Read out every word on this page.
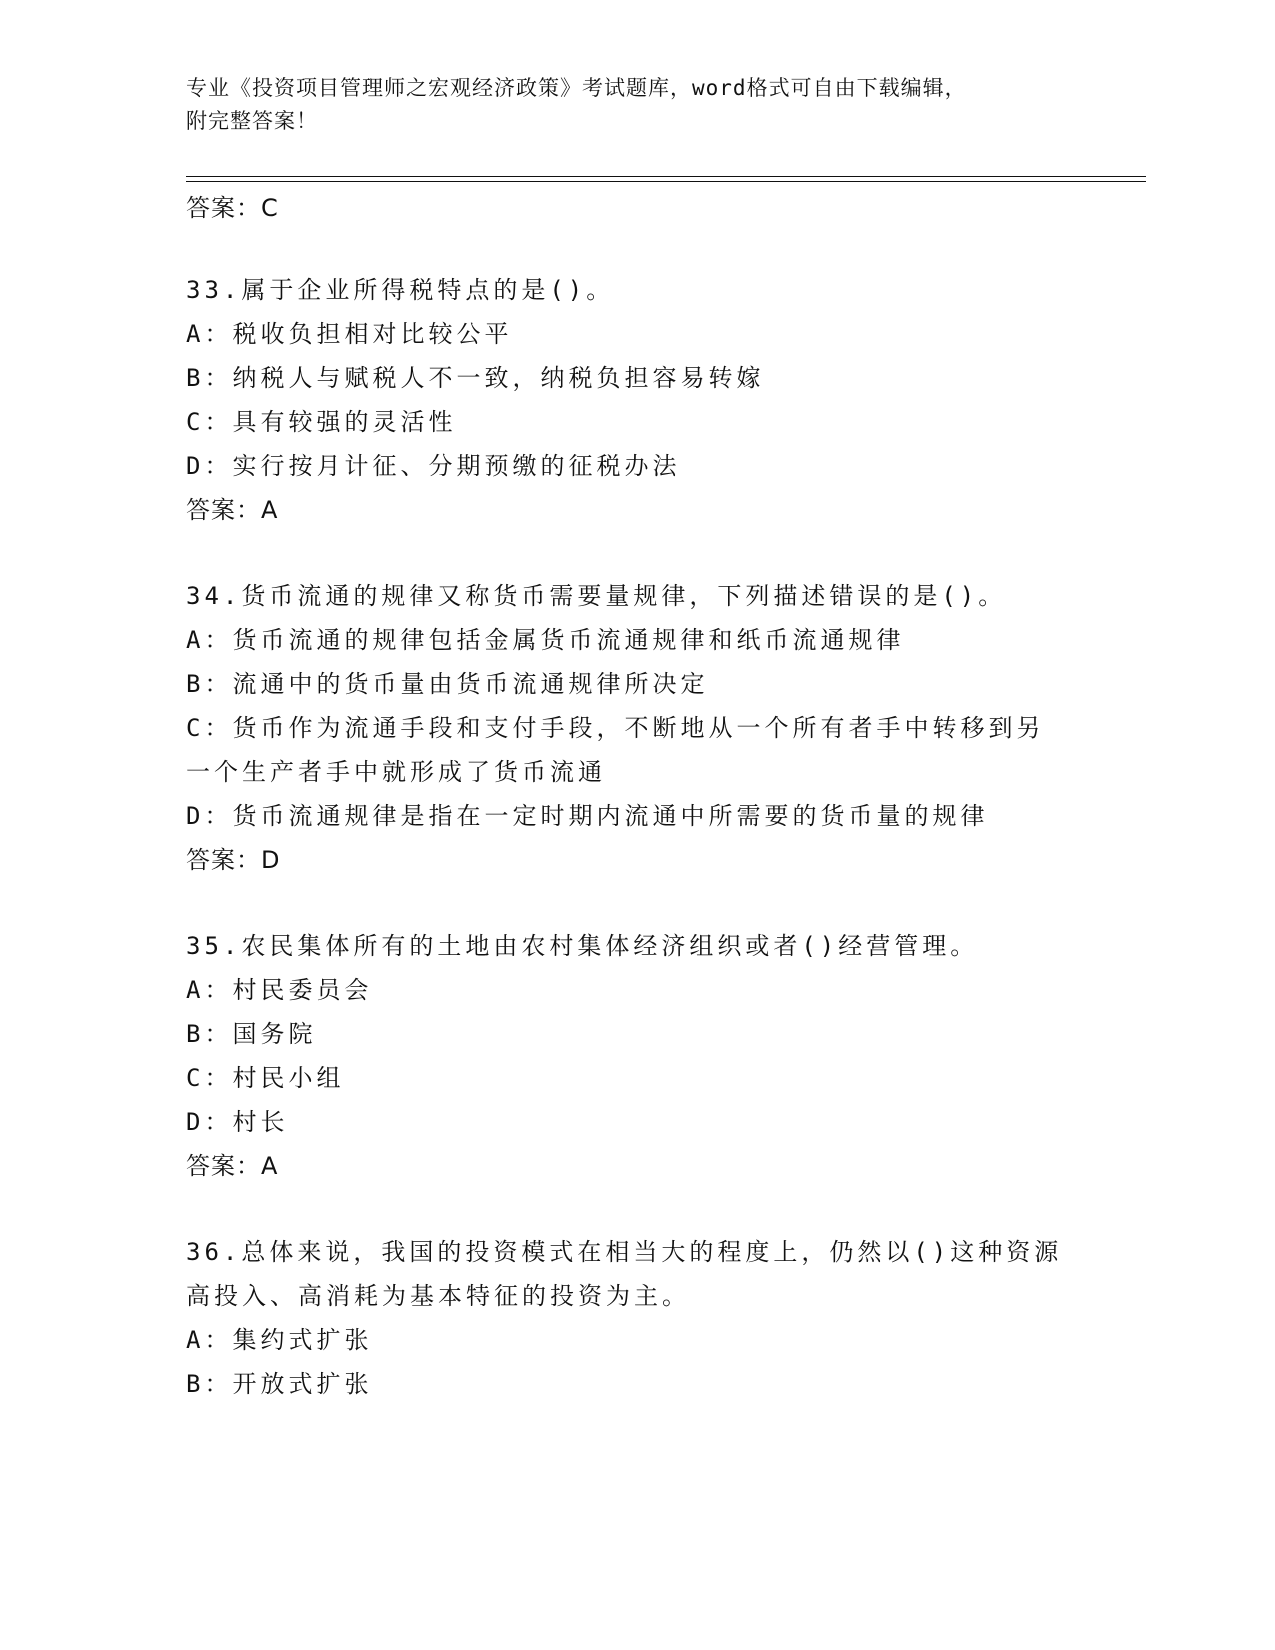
专业《投资项目管理师之宏观经济政策》考试题库，word格式可自由下载编辑，

附完整答案！

答案：C
33.属于企业所得税特点的是()。
A：税收负担相对比较公平
B：纳税人与赋税人不一致，纳税负担容易转嫁
C：具有较强的灵活性
D：实行按月计征、分期预缴的征税办法
答案：A
34.货币流通的规律又称货币需要量规律，下列描述错误的是()。
A：货币流通的规律包括金属货币流通规律和纸币流通规律
B：流通中的货币量由货币流通规律所决定
C：货币作为流通手段和支付手段，不断地从一个所有者手中转移到另
一个生产者手中就形成了货币流通
D：货币流通规律是指在一定时期内流通中所需要的货币量的规律
答案：D
35.农民集体所有的土地由农村集体经济组织或者()经营管理。
A：村民委员会
B：国务院
C：村民小组
D：村长
答案：A
36.总体来说，我国的投资模式在相当大的程度上，仍然以()这种资源
高投入、高消耗为基本特征的投资为主。
A：集约式扩张
B：开放式扩张
